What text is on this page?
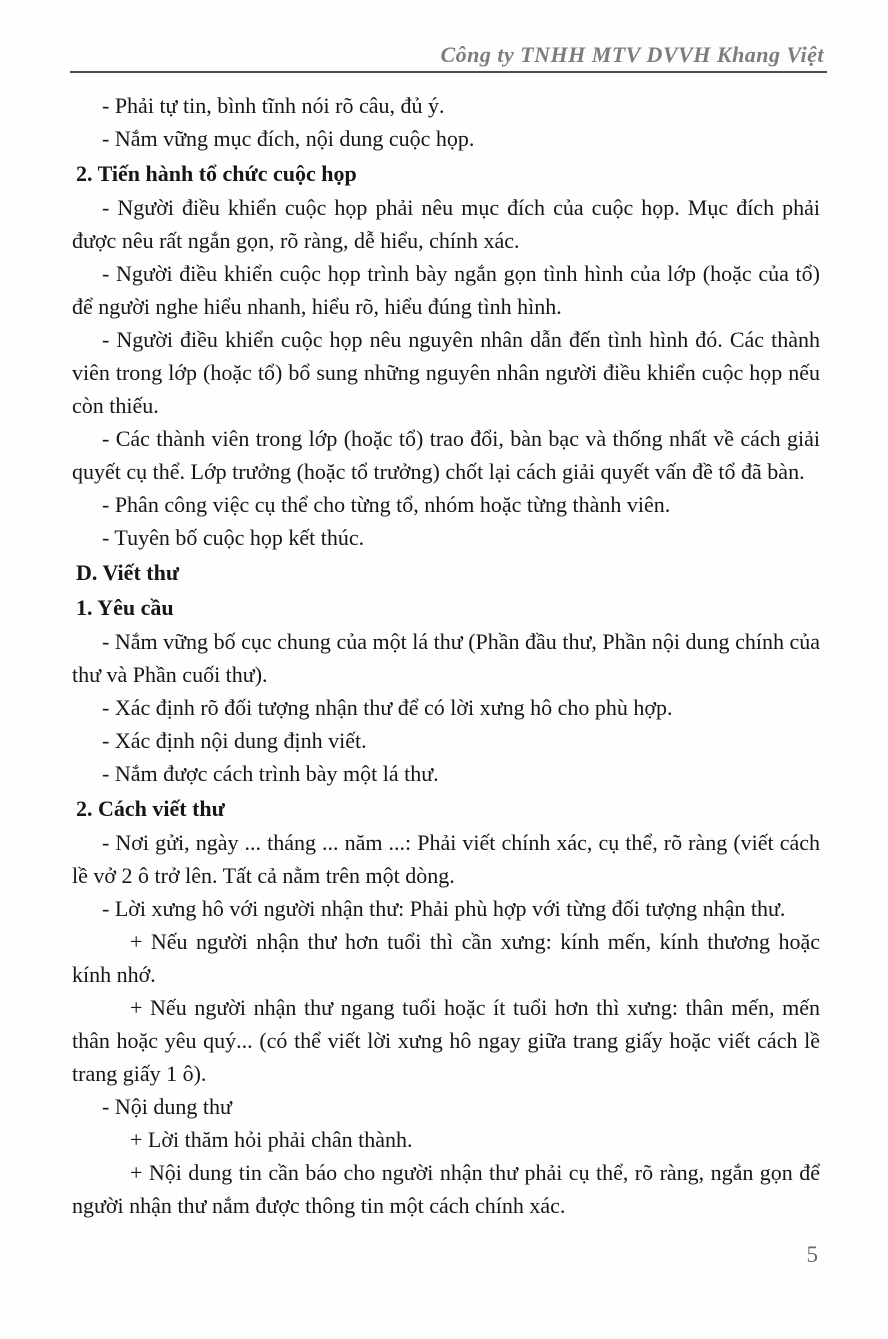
Công ty TNHH MTV DVVH Khang Việt

- Phải tự tin, bình tĩnh nói rõ câu, đủ ý.

- Nắm vững mục đích, nội dung cuộc họp.

2. Tiến hành tổ chức cuộc họp

- Người điều khiển cuộc họp phải nêu mục đích của cuộc họp. Mục đích phải được nêu rất ngắn gọn, rõ ràng, dễ hiểu, chính xác.

- Người điều khiển cuộc họp trình bày ngắn gọn tình hình của lớp (hoặc của tổ) để người nghe hiểu nhanh, hiểu rõ, hiểu đúng tình hình.

- Người điều khiển cuộc họp nêu nguyên nhân dẫn đến tình hình đó. Các thành viên trong lớp (hoặc tổ) bổ sung những nguyên nhân người điều khiển cuộc họp nếu còn thiếu.

- Các thành viên trong lớp (hoặc tổ) trao đổi, bàn bạc và thống nhất về cách giải quyết cụ thể. Lớp trưởng (hoặc tổ trưởng) chốt lại cách giải quyết vấn đề tổ đã bàn.

- Phân công việc cụ thể cho từng tổ, nhóm hoặc từng thành viên.

- Tuyên bố cuộc họp kết thúc.

D. Viết thư

1. Yêu cầu

- Nắm vững bố cục chung của một lá thư (Phần đầu thư, Phần nội dung chính của thư và Phần cuối thư).

- Xác định rõ đối tượng nhận thư để có lời xưng hô cho phù hợp.

- Xác định nội dung định viết.

- Nắm được cách trình bày một lá thư.

2. Cách viết thư

- Nơi gửi, ngày ... tháng ... năm ...: Phải viết chính xác, cụ thể, rõ ràng (viết cách lề vở 2 ô trở lên. Tất cả nằm trên một dòng.

- Lời xưng hô với người nhận thư: Phải phù hợp với từng đối tượng nhận thư.

+ Nếu người nhận thư hơn tuổi thì cần xưng: kính mến, kính thương hoặc kính nhớ.

+ Nếu người nhận thư ngang tuổi hoặc ít tuổi hơn thì xưng: thân mến, mến thân hoặc yêu quý... (có thể viết lời xưng hô ngay giữa trang giấy hoặc viết cách lề trang giấy 1 ô).

- Nội dung thư

+ Lời thăm hỏi phải chân thành.

+ Nội dung tin cần báo cho người nhận thư phải cụ thể, rõ ràng, ngắn gọn để người nhận thư nắm được thông tin một cách chính xác.

5
